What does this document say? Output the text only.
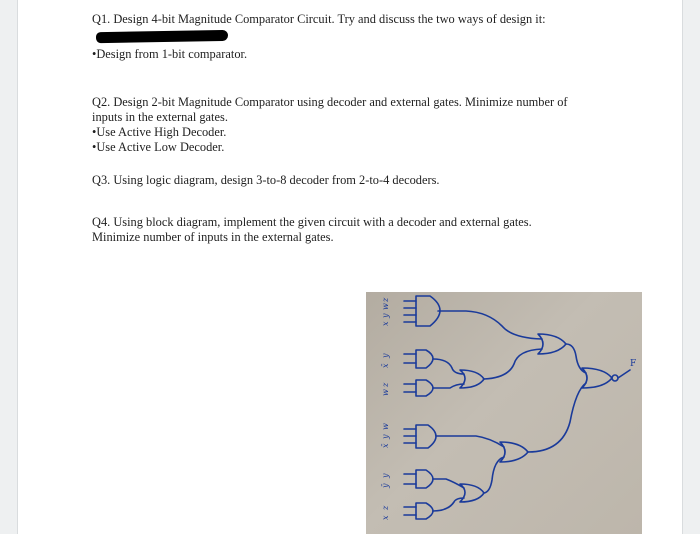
Q1. Design 4-bit Magnitude Comparator Circuit. Try and discuss the two ways of design it:

•Design from 1-bit comparator.

Q2. Design 2-bit Magnitude Comparator using decoder and external gates. Minimize number of

inputs in the external gates.

•Use Active High Decoder.

•Use Active Low Decoder.

Q3. Using logic diagram, design 3-to-8 decoder from 2-to-4 decoders.

Q4. Using block diagram, implement the given circuit with a decoder and external gates.

Minimize number of inputs in the external gates.

x
y
w
z
x̄
y
w
z
x̄
y
w
ȳ
y
x
z
F
